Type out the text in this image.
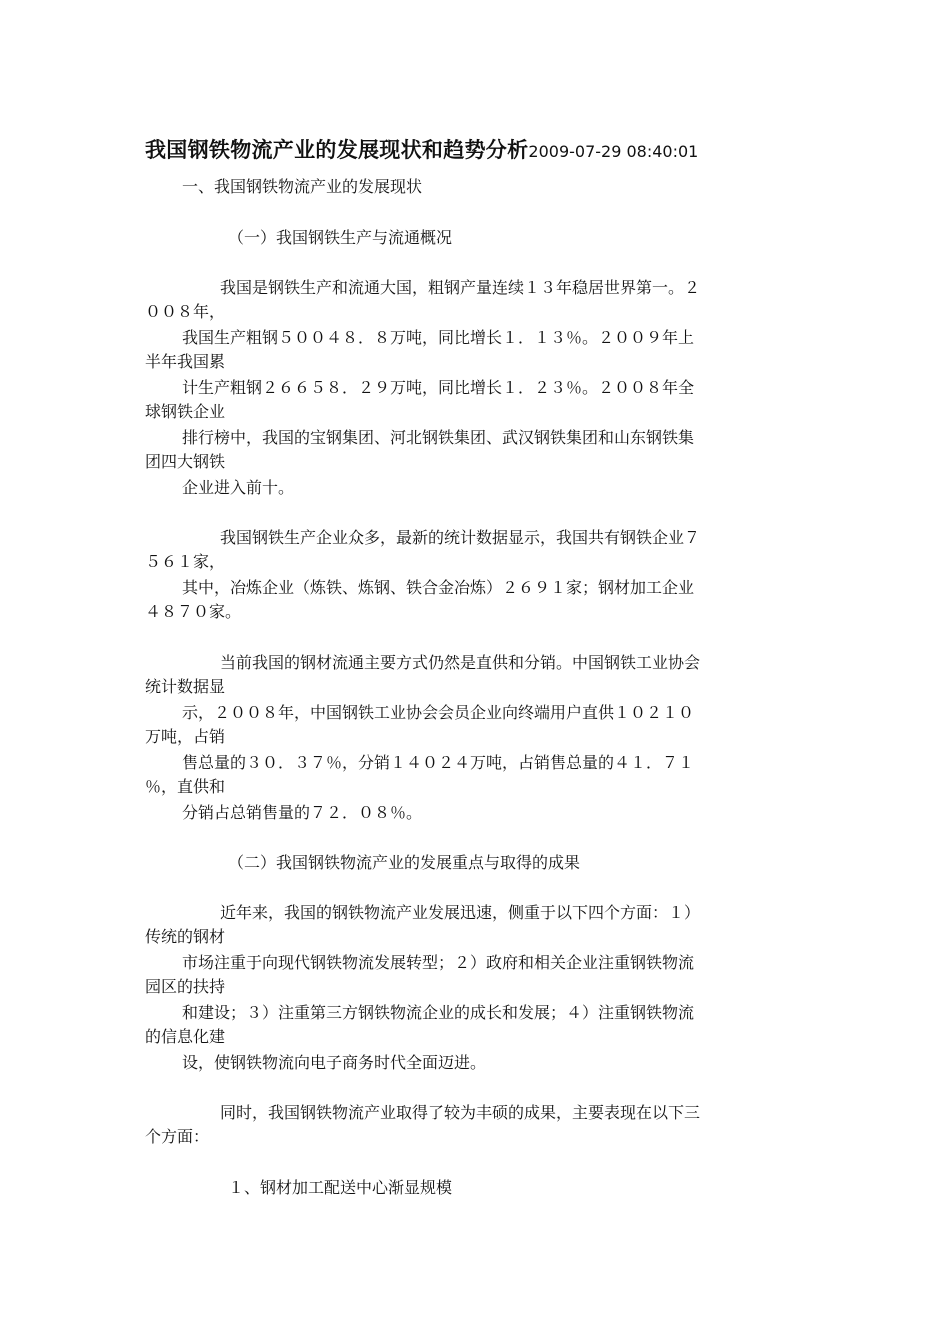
我国钢铁物流产业的发展现状和趋势分析2009-07-29 08:40:01
一、我国钢铁物流产业的发展现状
（一）我国钢铁生产与流通概况
我国是钢铁生产和流通大国，粗钢产量连续１３年稳居世界第一。２
００８年，
我国生产粗钢５００４８．８万吨，同比增长１．１３％。２００９年上
半年我国累
计生产粗钢２６６５８．２９万吨，同比增长１．２３％。２００８年全
球钢铁企业
排行榜中，我国的宝钢集团、河北钢铁集团、武汉钢铁集团和山东钢铁集
团四大钢铁
企业进入前十。
我国钢铁生产企业众多，最新的统计数据显示，我国共有钢铁企业７
５６１家，
其中，冶炼企业（炼铁、炼钢、铁合金冶炼）２６９１家；钢材加工企业
４８７０家。
当前我国的钢材流通主要方式仍然是直供和分销。中国钢铁工业协会
统计数据显
示，２００８年，中国钢铁工业协会会员企业向终端用户直供１０２１０
万吨，占销
售总量的３０．３７％，分销１４０２４万吨，占销售总量的４１．７１
％，直供和
分销占总销售量的７２．０８％。
（二）我国钢铁物流产业的发展重点与取得的成果
近年来，我国的钢铁物流产业发展迅速，侧重于以下四个方面：１）
传统的钢材
市场注重于向现代钢铁物流发展转型；２）政府和相关企业注重钢铁物流
园区的扶持
和建设；３）注重第三方钢铁物流企业的成长和发展；４）注重钢铁物流
的信息化建
设，使钢铁物流向电子商务时代全面迈进。
同时，我国钢铁物流产业取得了较为丰硕的成果，主要表现在以下三
个方面：
１、钢材加工配送中心渐显规模
